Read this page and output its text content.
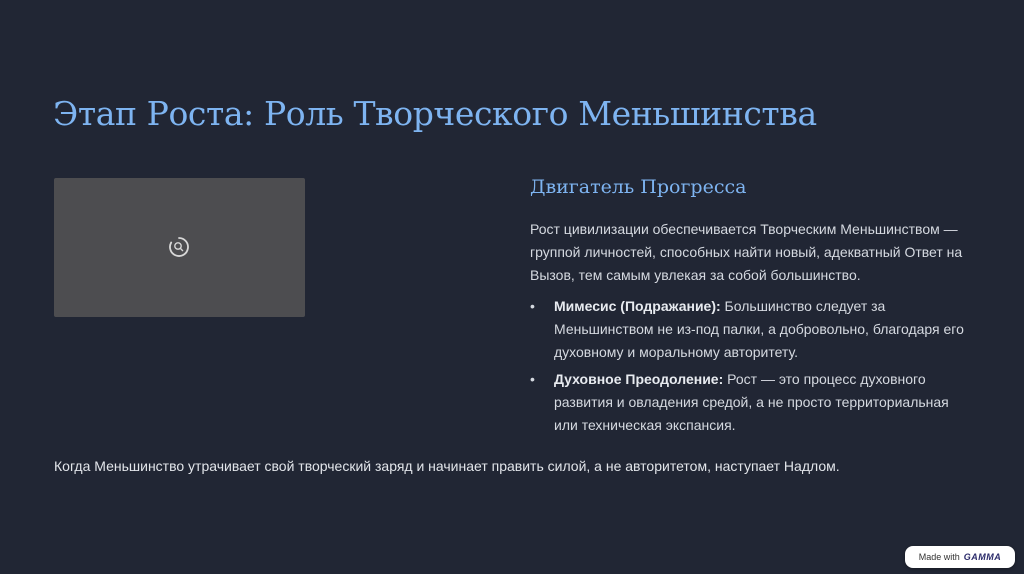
Этап Роста: Роль Творческого Меньшинства
Двигатель Прогресса

Рост цивилизации обеспечивается Творческим Меньшинством — группой личностей, способных найти новый, адекватный Ответ на Вызов, тем самым увлекая за собой большинство.

• Мимесис (Подражание): Большинство следует за Меньшинством не из-под палки, а добровольно, благодаря его духовному и моральному авторитету.
• Духовное Преодоление: Рост — это процесс духовного развития и овладения средой, а не просто территориальная или техническая экспансия.

Когда Меньшинство утрачивает свой творческий заряд и начинает править силой, а не авторитетом, наступает Надлом.

Made with GAMMA
